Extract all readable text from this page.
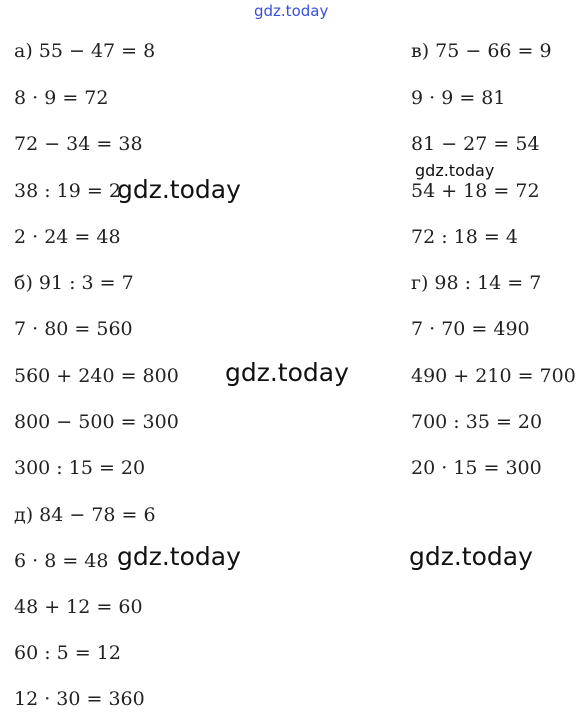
gdz.today
а) 55 − 47 = 8
8 · 9 = 72
72 − 34 = 38
38 : 19 = 2
2 · 24 = 48
б) 91 : 3 = 7
7 · 80 = 560
560 + 240 = 800
800 − 500 = 300
300 : 15 = 20
д) 84 − 78 = 6
6 · 8 = 48
48 + 12 = 60
60 : 5 = 12
12 · 30 = 360
в) 75 − 66 = 9
9 · 9 = 81
81 − 27 = 54
54 + 18 = 72
72 : 18 = 4
г) 98 : 14 = 7
7 · 70 = 490
490 + 210 = 700
700 : 35 = 20
20 · 15 = 300
gdz.today
gdz.today
gdz.today
gdz.today	gdz.today
